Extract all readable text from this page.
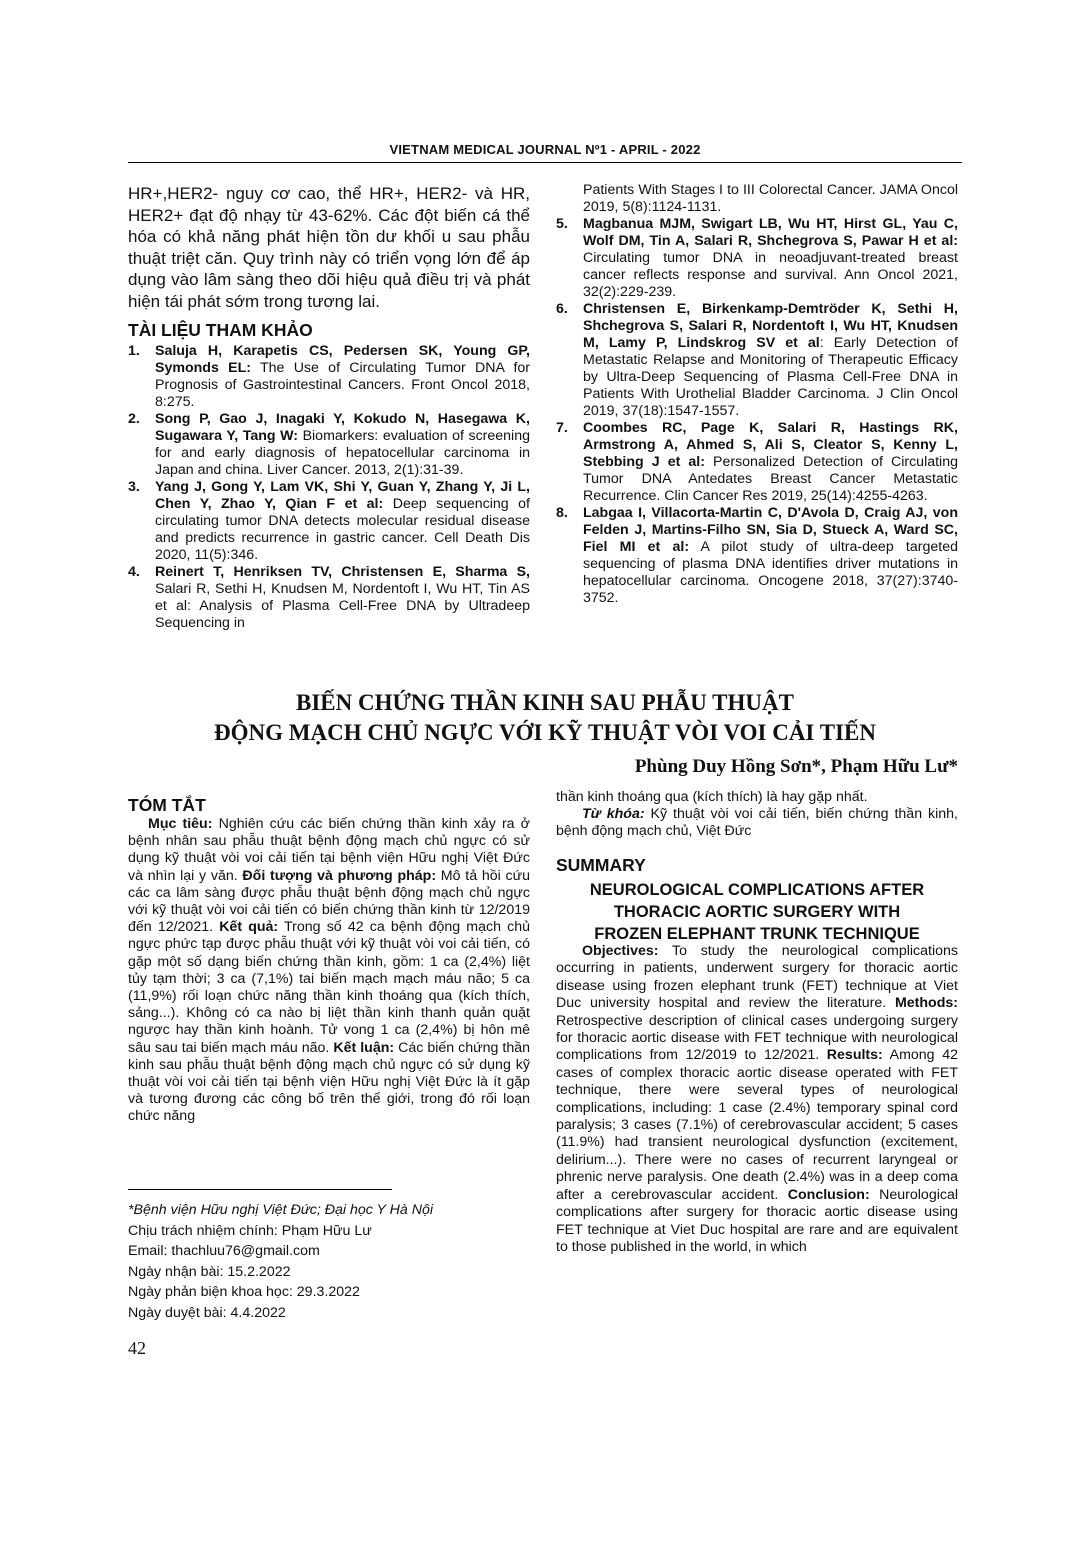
VIETNAM MEDICAL JOURNAL Nº1 - APRIL - 2022

HR+,HER2- nguy cơ cao, thể HR+, HER2- và HR, HER2+ đạt độ nhạy từ 43-62%. Các đột biến cá thể hóa có khả năng phát hiện tồn dư khối u sau phẫu thuật triệt căn. Quy trình này có triển vọng lớn để áp dụng vào lâm sàng theo dõi hiệu quả điều trị và phát hiện tái phát sớm trong tương lai.

TÀI LIỆU THAM KHẢO
1. Saluja H, Karapetis CS, Pedersen SK, Young GP, Symonds EL: The Use of Circulating Tumor DNA for Prognosis of Gastrointestinal Cancers. Front Oncol 2018, 8:275.
2. Song P, Gao J, Inagaki Y, Kokudo N, Hasegawa K, Sugawara Y, Tang W: Biomarkers: evaluation of screening for and early diagnosis of hepatocellular carcinoma in Japan and china. Liver Cancer. 2013, 2(1):31-39.
3. Yang J, Gong Y, Lam VK, Shi Y, Guan Y, Zhang Y, Ji L, Chen Y, Zhao Y, Qian F et al: Deep sequencing of circulating tumor DNA detects molecular residual disease and predicts recurrence in gastric cancer. Cell Death Dis 2020, 11(5):346.
4. Reinert T, Henriksen TV, Christensen E, Sharma S, Salari R, Sethi H, Knudsen M, Nordentoft I, Wu HT, Tin AS et al: Analysis of Plasma Cell-Free DNA by Ultradeep Sequencing in

Patients With Stages I to III Colorectal Cancer. JAMA Oncol 2019, 5(8):1124-1131.

5. Magbanua MJM, Swigart LB, Wu HT, Hirst GL, Yau C, Wolf DM, Tin A, Salari R, Shchegrova S, Pawar H et al: Circulating tumor DNA in neoadjuvant-treated breast cancer reflects response and survival. Ann Oncol 2021, 32(2):229-239.
6. Christensen E, Birkenkamp-Demtröder K, Sethi H, Shchegrova S, Salari R, Nordentoft I, Wu HT, Knudsen M, Lamy P, Lindskrog SV et al: Early Detection of Metastatic Relapse and Monitoring of Therapeutic Efficacy by Ultra-Deep Sequencing of Plasma Cell-Free DNA in Patients With Urothelial Bladder Carcinoma. J Clin Oncol 2019, 37(18):1547-1557.
7. Coombes RC, Page K, Salari R, Hastings RK, Armstrong A, Ahmed S, Ali S, Cleator S, Kenny L, Stebbing J et al: Personalized Detection of Circulating Tumor DNA Antedates Breast Cancer Metastatic Recurrence. Clin Cancer Res 2019, 25(14):4255-4263.
8. Labgaa I, Villacorta-Martin C, D'Avola D, Craig AJ, von Felden J, Martins-Filho SN, Sia D, Stueck A, Ward SC, Fiel MI et al: A pilot study of ultra-deep targeted sequencing of plasma DNA identifies driver mutations in hepatocellular carcinoma. Oncogene 2018, 37(27):3740-3752.
BIẾN CHỨNG THẦN KINH SAU PHẪU THUẬT
ĐỘNG MẠCH CHỦ NGỰC VỚI KỸ THUẬT VÒI VOI CẢI TIẾN

Phùng Duy Hồng Sơn*, Phạm Hữu Lư*

TÓM TẮT

Mục tiêu: Nghiên cứu các biến chứng thần kinh xảy ra ở bệnh nhân sau phẫu thuật bệnh động mạch chủ ngực có sử dụng kỹ thuật vòi voi cải tiến tại bệnh viện Hữu nghị Việt Đức và nhìn lại y văn. Đối tượng và phương pháp: Mô tả hồi cứu các ca lâm sàng được phẫu thuật bệnh động mạch chủ ngực với kỹ thuật vòi voi cải tiến có biến chứng thần kinh từ 12/2019 đến 12/2021. Kết quả: Trong số 42 ca bệnh động mạch chủ ngực phức tạp được phẫu thuật với kỹ thuật vòi voi cải tiến, có gặp một số dạng biến chứng thần kinh, gồm: 1 ca (2,4%) liệt tủy tạm thời; 3 ca (7,1%) tai biến mạch mạch máu não; 5 ca (11,9%) rối loạn chức năng thần kinh thoáng qua (kích thích, sảng...). Không có ca nào bị liệt thần kinh thanh quản quặt ngược hay thần kinh hoành. Tử vong 1 ca (2,4%) bị hôn mê sâu sau tai biến mạch máu não. Kết luận: Các biến chứng thần kinh sau phẫu thuật bệnh động mạch chủ ngực có sử dụng kỹ thuật vòi voi cải tiến tại bệnh viện Hữu nghị Việt Đức là ít gặp và tương đương các công bố trên thế giới, trong đó rối loạn chức năng

thần kinh thoáng qua (kích thích) là hay gặp nhất.

Từ khóa: Kỹ thuật vòi voi cải tiến, biến chứng thần kinh, bệnh động mạch chủ, Việt Đức

SUMMARY
NEUROLOGICAL COMPLICATIONS AFTER
THORACIC AORTIC SURGERY WITH
FROZEN ELEPHANT TRUNK TECHNIQUE

Objectives: To study the neurological complications occurring in patients, underwent surgery for thoracic aortic disease using frozen elephant trunk (FET) technique at Viet Duc university hospital and review the literature. Methods: Retrospective description of clinical cases undergoing surgery for thoracic aortic disease with FET technique with neurological complications from 12/2019 to 12/2021. Results: Among 42 cases of complex thoracic aortic disease operated with FET technique, there were several types of neurological complications, including: 1 case (2.4%) temporary spinal cord paralysis; 3 cases (7.1%) of cerebrovascular accident; 5 cases (11.9%) had transient neurological dysfunction (excitement, delirium...). There were no cases of recurrent laryngeal or phrenic nerve paralysis. One death (2.4%) was in a deep coma after a cerebrovascular accident. Conclusion: Neurological complications after surgery for thoracic aortic disease using FET technique at Viet Duc hospital are rare and are equivalent to those published in the world, in which

*Bệnh viện Hữu nghị Việt Đức; Đại học Y Hà Nội
Chịu trách nhiệm chính: Phạm Hữu Lư
Email: thachluu76@gmail.com
Ngày nhận bài: 15.2.2022
Ngày phản biện khoa học: 29.3.2022
Ngày duyệt bài: 4.4.2022

42
